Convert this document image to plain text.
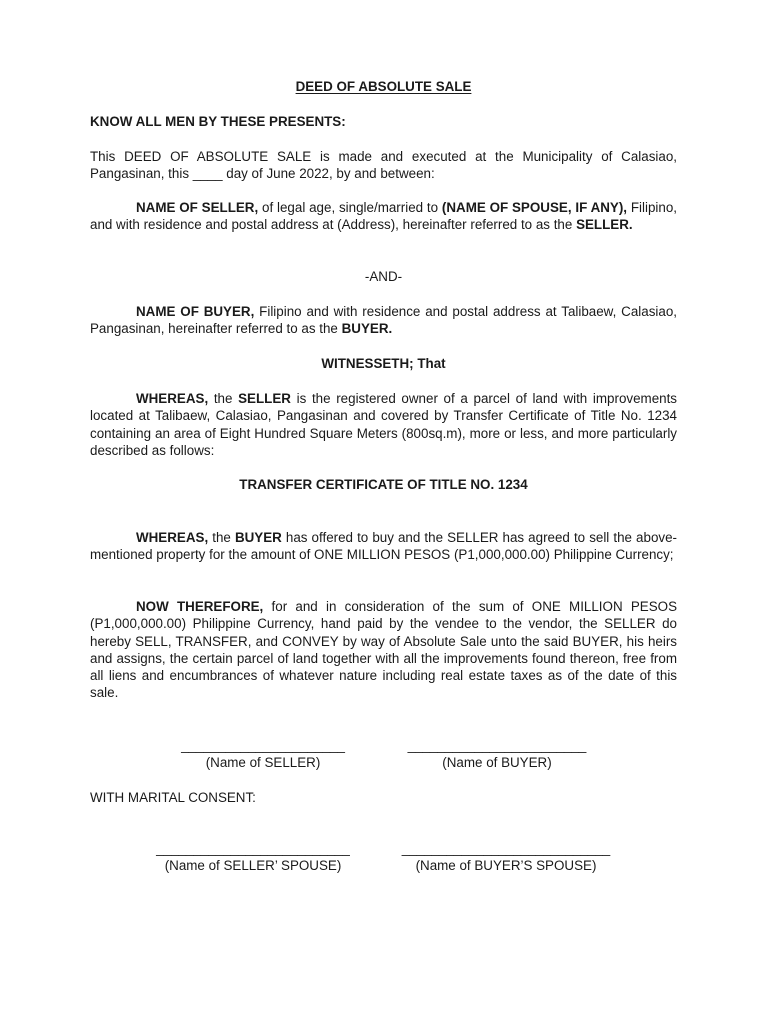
DEED OF ABSOLUTE SALE
KNOW ALL MEN BY THESE PRESENTS:
This DEED OF ABSOLUTE SALE is made and executed at the Municipality of Calasiao, Pangasinan, this ____ day of June 2022, by and between:
NAME OF SELLER, of legal age, single/married to (NAME OF SPOUSE, IF ANY), Filipino, and with residence and postal address at (Address), hereinafter referred to as the SELLER.
-AND-
NAME OF BUYER, Filipino and with residence and postal address at Talibaew, Calasiao, Pangasinan, hereinafter referred to as the BUYER.
WITNESSETH; That
WHEREAS, the SELLER is the registered owner of a parcel of land with improvements located at Talibaew, Calasiao, Pangasinan and covered by Transfer Certificate of Title No. 1234 containing an area of Eight Hundred Square Meters (800sq.m), more or less, and more particularly described as follows:
TRANSFER CERTIFICATE OF TITLE NO. 1234
WHEREAS, the BUYER has offered to buy and the SELLER has agreed to sell the above-mentioned property for the amount of ONE MILLION PESOS (P1,000,000.00) Philippine Currency;
NOW THEREFORE, for and in consideration of the sum of ONE MILLION PESOS (P1,000,000.00) Philippine Currency, hand paid by the vendee to the vendor, the SELLER do hereby SELL, TRANSFER, and CONVEY by way of Absolute Sale unto the said BUYER, his heirs and assigns, the certain parcel of land together with all the improvements found thereon, free from all liens and encumbrances of whatever nature including real estate taxes as of the date of this sale.
______________________
(Name of SELLER)
________________________
(Name of BUYER)
WITH MARITAL CONSENT:
__________________________
(Name of SELLER’ SPOUSE)
____________________________
(Name of BUYER’S SPOUSE)
